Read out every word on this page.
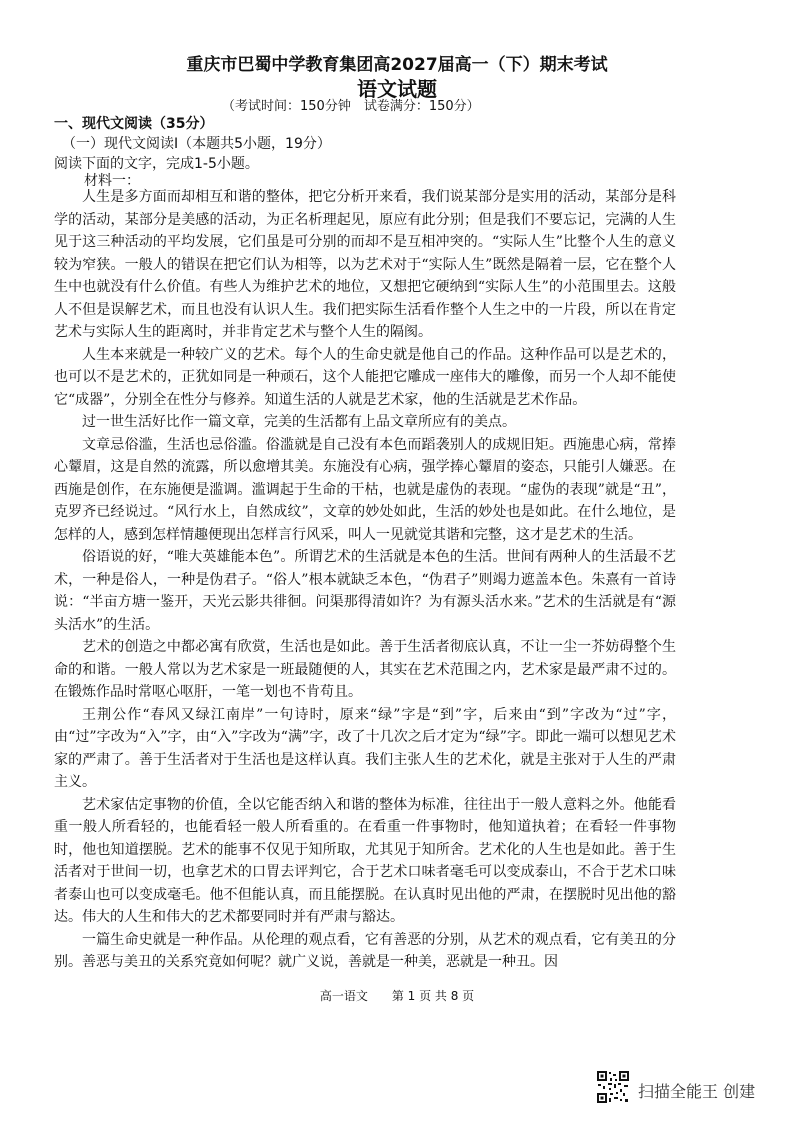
重庆市巴蜀中学教育集团高2027届高一（下）期末考试
语文试题
（考试时间：150分钟　试卷满分：150分）
一、现代文阅读（35分）
（一）现代文阅读I（本题共5小题，19分）
阅读下面的文字，完成1-5小题。
材料一：

人生是多方面而却相互和谐的整体，把它分析开来看，我们说某部分是实用的活动，某部分是科学的活动，某部分是美感的活动，为正名析理起见，原应有此分别；但是我们不要忘记，完满的人生见于这三种活动的平均发展，它们虽是可分别的而却不是互相冲突的。“实际人生”比整个人生的意义较为窄狭。一般人的错误在把它们认为相等，以为艺术对于“实际人生”既然是隔着一层，它在整个人生中也就没有什么价值。有些人为维护艺术的地位，又想把它硬纳到“实际人生”的小范围里去。这般人不但是误解艺术，而且也没有认识人生。我们把实际生活看作整个人生之中的一片段，所以在肯定艺术与实际人生的距离时，并非肯定艺术与整个人生的隔阂。

人生本来就是一种较广义的艺术。每个人的生命史就是他自己的作品。这种作品可以是艺术的，也可以不是艺术的，正犹如同是一种顽石，这个人能把它雕成一座伟大的雕像，而另一个人却不能使它“成器”，分别全在性分与修养。知道生活的人就是艺术家，他的生活就是艺术作品。

过一世生活好比作一篇文章，完美的生活都有上品文章所应有的美点。

文章忌俗滥，生活也忌俗滥。俗滥就是自己没有本色而蹈袭别人的成规旧矩。西施患心病，常捧心颦眉，这是自然的流露，所以愈增其美。东施没有心病，强学捧心颦眉的姿态，只能引人嫌恶。在西施是创作，在东施便是滥调。滥调起于生命的干枯，也就是虚伪的表现。“虚伪的表现”就是“丑”，克罗齐已经说过。“风行水上，自然成纹”，文章的妙处如此，生活的妙处也是如此。在什么地位，是怎样的人，感到怎样情趣便现出怎样言行风采，叫人一见就觉其谐和完整，这才是艺术的生活。

俗语说的好，“唯大英雄能本色”。所谓艺术的生活就是本色的生活。世间有两种人的生活最不艺术，一种是俗人，一种是伪君子。“俗人”根本就缺乏本色，“伪君子”则竭力遮盖本色。朱熹有一首诗说：“半亩方塘一鉴开，天光云影共徘徊。问渠那得清如许？为有源头活水来。”艺术的生活就是有“源头活水”的生活。

艺术的创造之中都必寓有欣赏，生活也是如此。善于生活者彻底认真，不让一尘一芥妨碍整个生命的和谐。一般人常以为艺术家是一班最随便的人，其实在艺术范围之内，艺术家是最严肃不过的。在锻炼作品时常呕心呕肝，一笔一划也不肯苟且。

王荆公作“春风又绿江南岸”一句诗时，原来“绿”字是“到”字，后来由“到”字改为“过”字，由“过”字改为“入”字，由“入”字改为“满”字，改了十几次之后才定为“绿”字。即此一端可以想见艺术家的严肃了。善于生活者对于生活也是这样认真。我们主张人生的艺术化，就是主张对于人生的严肃主义。

艺术家估定事物的价值，全以它能否纳入和谐的整体为标准，往往出于一般人意料之外。他能看重一般人所看轻的，也能看轻一般人所看重的。在看重一件事物时，他知道执着；在看轻一件事物时，他也知道摆脱。艺术的能事不仅见于知所取，尤其见于知所舍。艺术化的人生也是如此。善于生活者对于世间一切，也拿艺术的口胃去评判它，合于艺术口味者毫毛可以变成泰山，不合于艺术口味者泰山也可以变成毫毛。他不但能认真，而且能摆脱。在认真时见出他的严肃，在摆脱时见出他的豁达。伟大的人生和伟大的艺术都要同时并有严肃与豁达。

一篇生命史就是一种作品。从伦理的观点看，它有善恶的分别，从艺术的观点看，它有美丑的分别。善恶与美丑的关系究竟如何呢？就广义说，善就是一种美，恶就是一种丑。因

高一语文　　第 1 页 共 8 页
扫描全能王 创建
